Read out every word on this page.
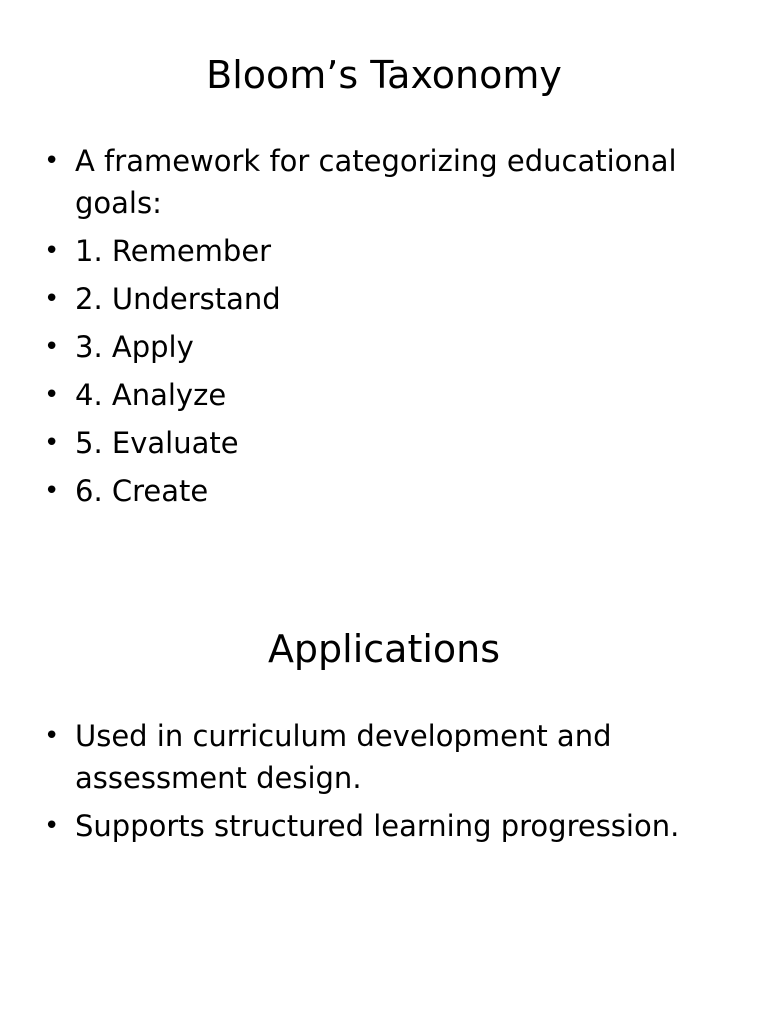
Bloom’s Taxonomy
• A framework for categorizing educational goals:
• 1. Remember
• 2. Understand
• 3. Apply
• 4. Analyze
• 5. Evaluate
• 6. Create
Applications
• Used in curriculum development and assessment design.
• Supports structured learning progression.
